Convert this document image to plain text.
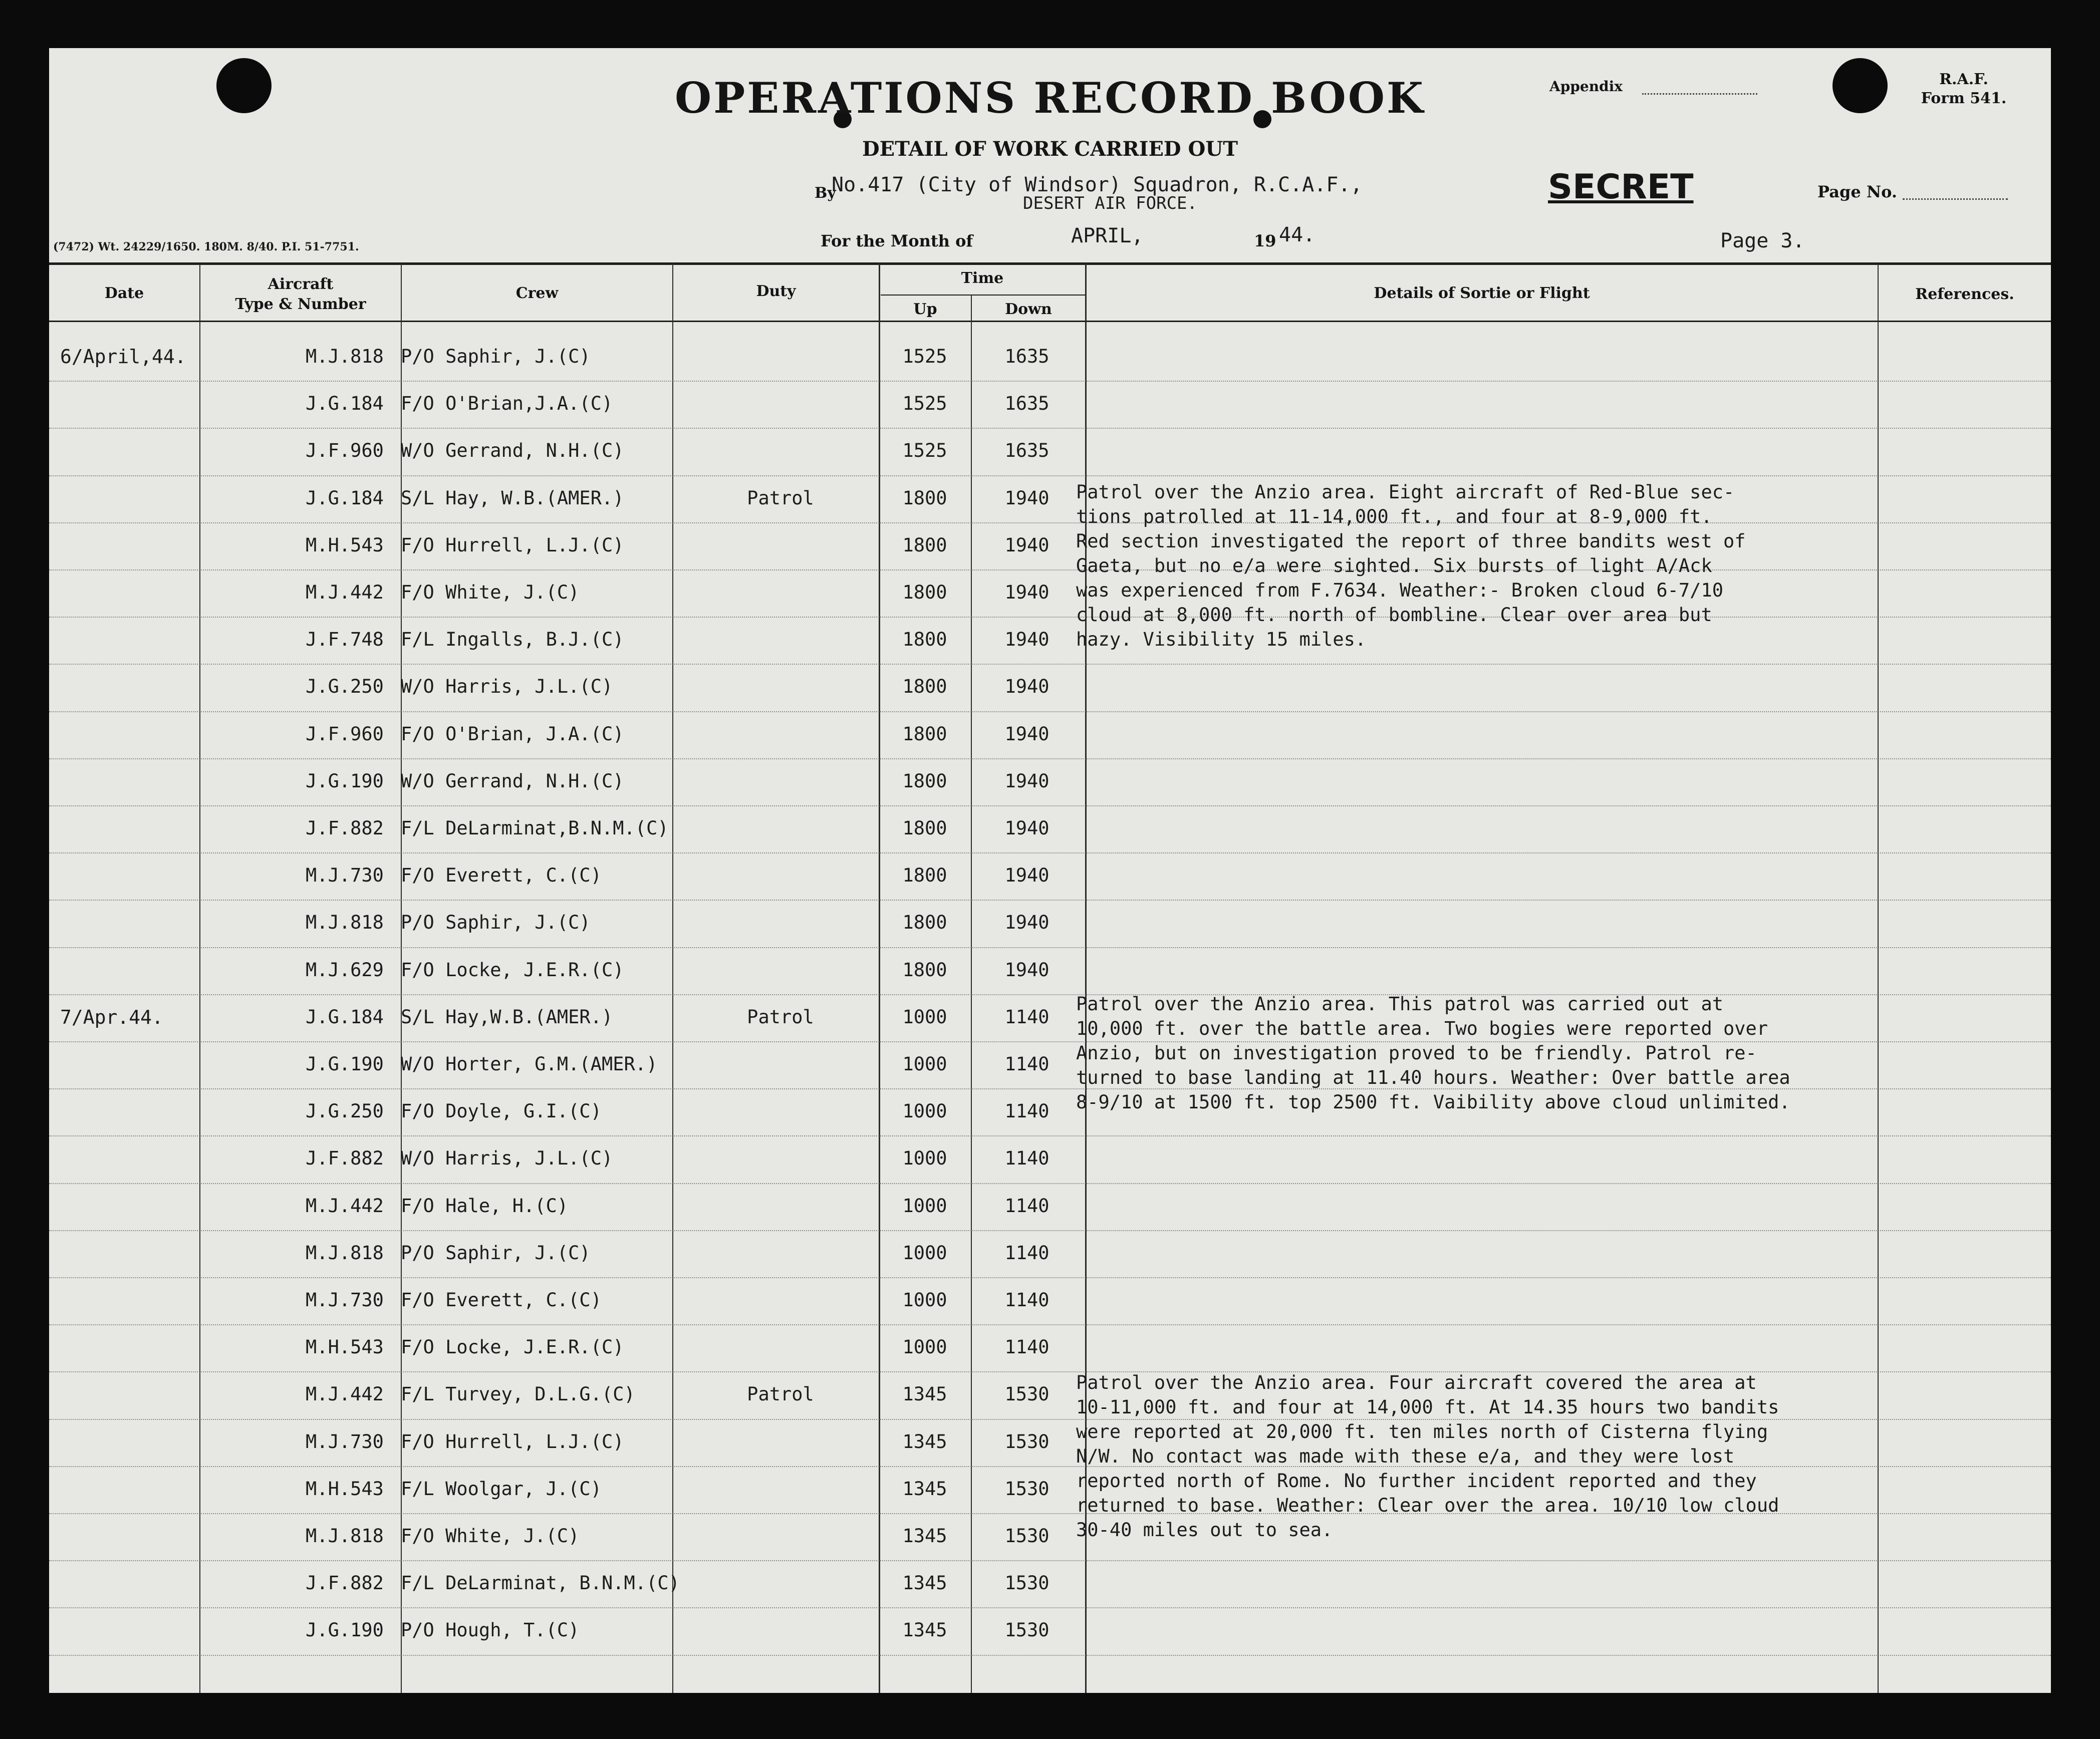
OPERATIONS RECORD BOOK
DETAIL OF WORK CARRIED OUT
Appendix	R.A.F.
Form 541.
By
No.417 (City of Windsor) Squadron, R.C.A.F.,
DESERT AIR FORCE.	SECRET	Page No.
(7472) Wt. 24229/1650. 180M. 8/40. P.I. 51-7751.	For the Month of	APRIL,	19 44.	Page 3.
Date
Aircraft
Type & Number
Crew	Duty
Time
Up	Down
Details of Sortie or Flight	References.
6/April,44.	M.J.818 P/O Saphir, J.(C)	1525	1635
J.G.184 F/O O'Brian,J.A.(C)	1525	1635
J.F.960 W/O Gerrand, N.H.(C)	1525	1635
J.G.184 S/L Hay, W.B.(AMER.)	Patrol	1800	1940
M.H.543 F/O Hurrell, L.J.(C)	1800	1940
M.J.442 F/O White, J.(C)	1800	1940
J.F.748 F/L Ingalls, B.J.(C)	1800	1940
J.G.250 W/O Harris, J.L.(C)	1800	1940
J.F.960 F/O O'Brian, J.A.(C)	1800	1940
J.G.190 W/O Gerrand, N.H.(C)	1800	1940
J.F.882 F/L DeLarminat,B.N.M.(C)	1800	1940
M.J.730 F/O Everett, C.(C)	1800	1940
M.J.818 P/O Saphir, J.(C)	1800	1940
M.J.629 F/O Locke, J.E.R.(C)	1800	1940
7/Apr.44.	J.G.184 S/L Hay,W.B.(AMER.)	Patrol	1000	1140
J.G.190 W/O Horter, G.M.(AMER.)	1000	1140
J.G.250 F/O Doyle, G.I.(C)	1000	1140
J.F.882 W/O Harris, J.L.(C)	1000	1140
M.J.442 F/O Hale, H.(C)	1000	1140
M.J.818 P/O Saphir, J.(C)	1000	1140
M.J.730 F/O Everett, C.(C)	1000	1140
M.H.543 F/O Locke, J.E.R.(C)	1000	1140
M.J.442 F/L Turvey, D.L.G.(C)	Patrol	1345	1530
M.J.730 F/O Hurrell, L.J.(C)	1345	1530
M.H.543 F/L Woolgar, J.(C)	1345	1530
M.J.818 F/O White, J.(C)	1345	1530
J.F.882 F/L DeLarminat, B.N.M.(C)	1345	1530
J.G.190 P/O Hough, T.(C)	1345	1530
Patrol over the Anzio area. Eight aircraft of Red-Blue sec-
tions patrolled at 11-14,000 ft., and four at 8-9,000 ft.
Red section investigated the report of three bandits west of
Gaeta, but no e/a were sighted. Six bursts of light A/Ack
was experienced from F.7634. Weather:- Broken cloud 6-7/10
cloud at 8,000 ft. north of bombline. Clear over area but
hazy. Visibility 15 miles.
Patrol over the Anzio area. This patrol was carried out at
10,000 ft. over the battle area. Two bogies were reported over
Anzio, but on investigation proved to be friendly. Patrol re-
turned to base landing at 11.40 hours. Weather: Over battle area
8-9/10 at 1500 ft. top 2500 ft. Vaibility above cloud unlimited.
Patrol over the Anzio area. Four aircraft covered the area at
10-11,000 ft. and four at 14,000 ft. At 14.35 hours two bandits
were reported at 20,000 ft. ten miles north of Cisterna flying
N/W. No contact was made with these e/a, and they were lost
reported north of Rome. No further incident reported and they
returned to base. Weather: Clear over the area. 10/10 low cloud
30-40 miles out to sea.
